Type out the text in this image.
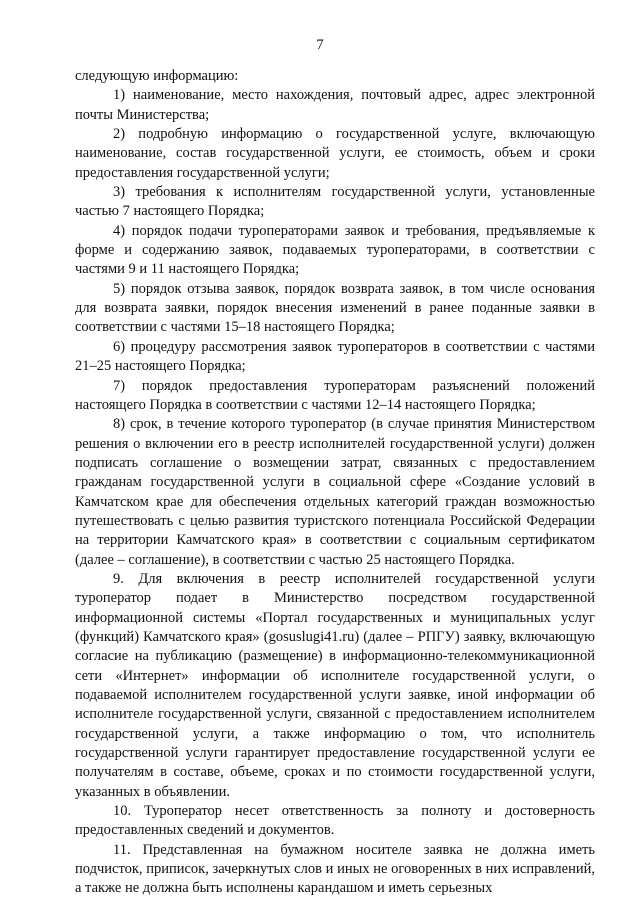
7

следующую информацию:

1) наименование, место нахождения, почтовый адрес, адрес электронной почты Министерства;

2) подробную информацию о государственной услуге, включающую наименование, состав государственной услуги, ее стоимость, объем и сроки предоставления государственной услуги;

3) требования к исполнителям государственной услуги, установленные частью 7 настоящего Порядка;

4) порядок подачи туроператорами заявок и требования, предъявляемые к форме и содержанию заявок, подаваемых туроператорами, в соответствии с частями 9 и 11 настоящего Порядка;

5) порядок отзыва заявок, порядок возврата заявок, в том числе основания для возврата заявки, порядок внесения изменений в ранее поданные заявки в соответствии с частями 15–18 настоящего Порядка;

6) процедуру рассмотрения заявок туроператоров в соответствии с частями 21–25 настоящего Порядка;

7) порядок предоставления туроператорам разъяснений положений настоящего Порядка в соответствии с частями 12–14 настоящего Порядка;

8) срок, в течение которого туроператор (в случае принятия Министерством решения о включении его в реестр исполнителей государственной услуги) должен подписать соглашение о возмещении затрат, связанных с предоставлением гражданам государственной услуги в социальной сфере «Создание условий в Камчатском крае для обеспечения отдельных категорий граждан возможностью путешествовать с целью развития туристского потенциала Российской Федерации на территории Камчатского края» в соответствии с социальным сертификатом (далее – соглашение), в соответствии с частью 25 настоящего Порядка.

9. Для включения в реестр исполнителей государственной услуги туроператор подает в Министерство посредством государственной информационной системы «Портал государственных и муниципальных услуг (функций) Камчатского края» (gosuslugi41.ru) (далее – РПГУ) заявку, включающую согласие на публикацию (размещение) в информационно-телекоммуникационной сети «Интернет» информации об исполнителе государственной услуги, о подаваемой исполнителем государственной услуги заявке, иной информации об исполнителе государственной услуги, связанной с предоставлением исполнителем государственной услуги, а также информацию о том, что исполнитель государственной услуги гарантирует предоставление государственной услуги ее получателям в составе, объеме, сроках и по стоимости государственной услуги, указанных в объявлении.

10. Туроператор несет ответственность за полноту и достоверность предоставленных сведений и документов.

11. Представленная на бумажном носителе заявка не должна иметь подчисток, приписок, зачеркнутых слов и иных не оговоренных в них исправлений, а также не должна быть исполнены карандашом и иметь серьезных
